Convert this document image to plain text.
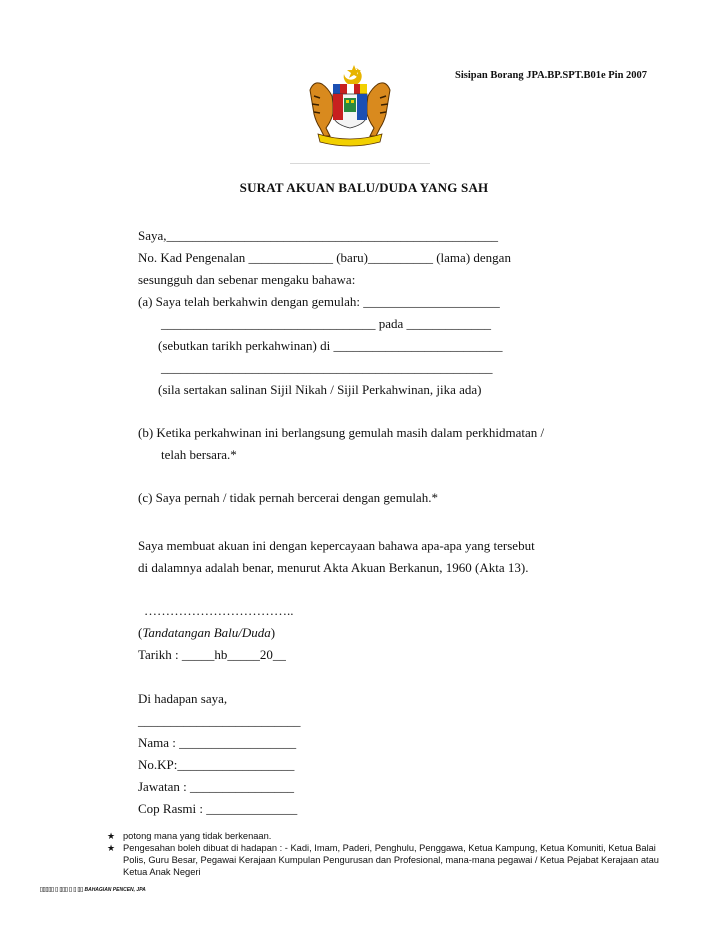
Sisipan Borang JPA.BP.SPT.B01e Pin 2007
SURAT AKUAN BALU/DUDA YANG SAH
Saya,___________________________________________________
No. Kad Pengenalan _____________ (baru)__________ (lama) dengan
sesungguh dan sebenar mengaku bahawa:
(a) Saya telah berkahwin dengan gemulah: _____________________
_________________________________ pada _____________
(sebutkan tarikh perkahwinan) di __________________________
___________________________________________________
(sila sertakan salinan Sijil Nikah / Sijil Perkahwinan, jika ada)
(b) Ketika perkahwinan ini berlangsung gemulah masih dalam perkhidmatan /
telah bersara.*
(c) Saya pernah / tidak pernah bercerai dengan gemulah.*
Saya membuat akuan ini dengan kepercayaan bahawa apa-apa yang tersebut
di dalamnya adalah benar, menurut Akta Akuan Berkanun, 1960 (Akta 13).
……………………………..
(Tandatangan Balu/Duda)
Tarikh : _____hb_____20__
Di hadapan saya,
_________________________
Nama : __________________
No.KP:__________________
Jawatan : ________________
Cop Rasmi : ______________
★ potong mana yang tidak berkenaan.
★ Pengesahan boleh dibuat di hadapan : - Kadi, Imam, Paderi, Penghulu, Penggawa, Ketua Kampung, Ketua Komuniti, Ketua Balai Polis, Guru Besar, Pegawai Kerajaan Kumpulan Pengurusan dan Profesional, mana-mana pegawai / Ketua Pejabat Kerajaan atau Ketua Anak Negeri
[][][][][] [] [][][] [] [] [][] BAHAGIAN PENCEN, JPA
